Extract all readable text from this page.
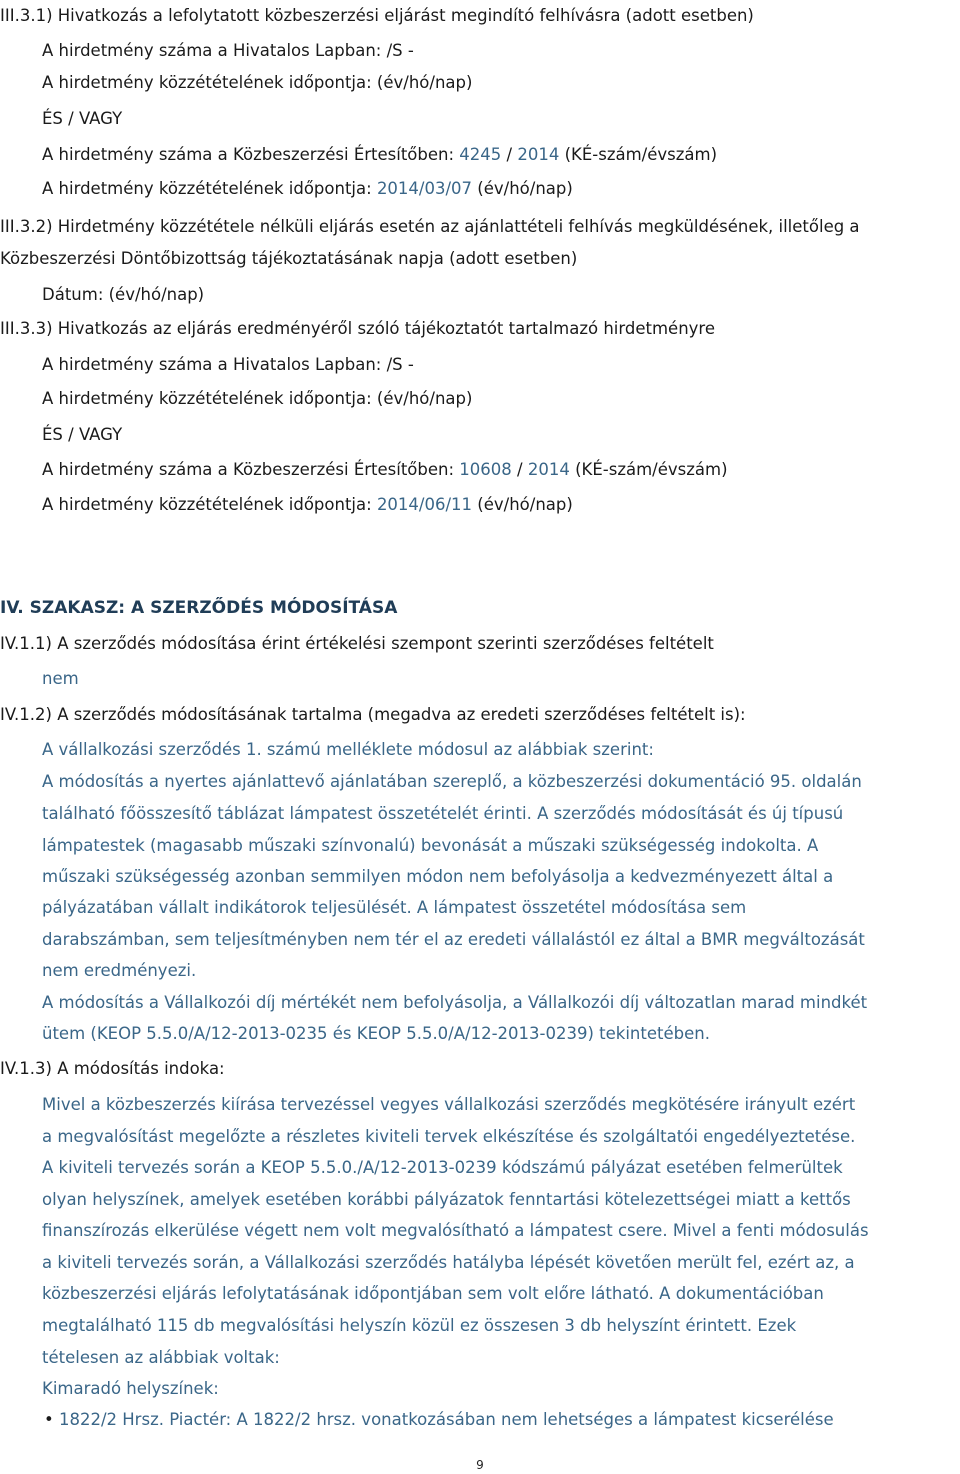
III.3.1) Hivatkozás a lefolytatott közbeszerzési eljárást megindító felhívásra (adott esetben)
A hirdetmény száma a Hivatalos Lapban: /S -
A hirdetmény közzétételének időpontja: (év/hó/nap)
ÉS / VAGY
A hirdetmény száma a Közbeszerzési Értesítőben: 4245 / 2014 (KÉ-szám/évszám)
A hirdetmény közzétételének időpontja: 2014/03/07 (év/hó/nap)
III.3.2) Hirdetmény közzététele nélküli eljárás esetén az ajánlattételi felhívás megküldésének, illetőleg a
Közbeszerzési Döntőbizottság tájékoztatásának napja (adott esetben)
Dátum: (év/hó/nap)
III.3.3) Hivatkozás az eljárás eredményéről szóló tájékoztatót tartalmazó hirdetményre
A hirdetmény száma a Hivatalos Lapban: /S -
A hirdetmény közzétételének időpontja: (év/hó/nap)
ÉS / VAGY
A hirdetmény száma a Közbeszerzési Értesítőben: 10608 / 2014 (KÉ-szám/évszám)
A hirdetmény közzétételének időpontja: 2014/06/11 (év/hó/nap)
IV. SZAKASZ: A SZERZŐDÉS MÓDOSÍTÁSA
IV.1.1) A szerződés módosítása érint értékelési szempont szerinti szerződéses feltételt
nem
IV.1.2) A szerződés módosításának tartalma (megadva az eredeti szerződéses feltételt is):
A vállalkozási szerződés 1. számú melléklete módosul az alábbiak szerint:
A módosítás a nyertes ajánlattevő ajánlatában szereplő, a közbeszerzési dokumentáció 95. oldalán
található főösszesítő táblázat lámpatest összetételét érinti. A szerződés módosítását és új típusú
lámpatestek (magasabb műszaki színvonalú) bevonását a műszaki szükségesség indokolta. A
műszaki szükségesség azonban semmilyen módon nem befolyásolja a kedvezményezett által a
pályázatában vállalt indikátorok teljesülését. A lámpatest összetétel módosítása sem
darabszámban, sem teljesítményben nem tér el az eredeti vállalástól ez által a BMR megváltozását
nem eredményezi.
A módosítás a Vállalkozói díj mértékét nem befolyásolja, a Vállalkozói díj változatlan marad mindkét
ütem (KEOP 5.5.0/A/12-2013-0235 és KEOP 5.5.0/A/12-2013-0239) tekintetében.
IV.1.3) A módosítás indoka:
Mivel a közbeszerzés kiírása tervezéssel vegyes vállalkozási szerződés megkötésére irányult ezért
a megvalósítást megelőzte a részletes kiviteli tervek elkészítése és szolgáltatói engedélyeztetése.
A kiviteli tervezés során a KEOP 5.5.0./A/12-2013-0239 kódszámú pályázat esetében felmerültek
olyan helyszínek, amelyek esetében korábbi pályázatok fenntartási kötelezettségei miatt a kettős
finanszírozás elkerülése végett nem volt megvalósítható a lámpatest csere. Mivel a fenti módosulás
a kiviteli tervezés során, a Vállalkozási szerződés hatályba lépését követően merült fel, ezért az, a
közbeszerzési eljárás lefolytatásának időpontjában sem volt előre látható. A dokumentációban
megtalálható 115 db megvalósítási helyszín közül ez összesen 3 db helyszínt érintett. Ezek
tételesen az alábbiak voltak:
Kimaradó helyszínek:
• 1822/2 Hrsz. Piactér: A 1822/2 hrsz. vonatkozásában nem lehetséges a lámpatest kicserélése
9
